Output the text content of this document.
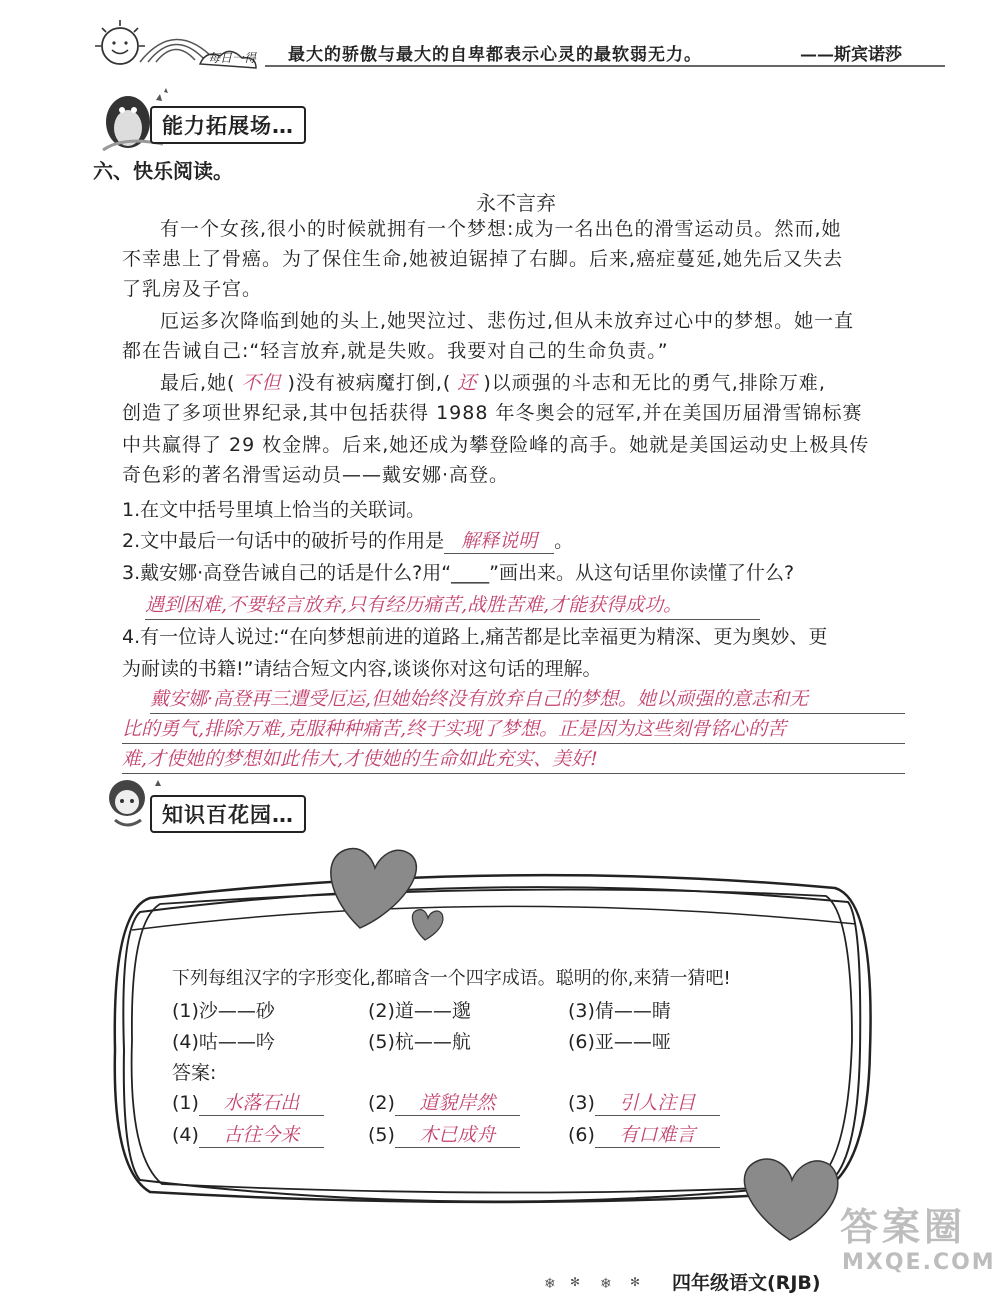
每日一得 最大的骄傲与最大的自卑都表示心灵的最软弱无力。	——斯宾诺莎
能力拓展场…
六、快乐阅读。
永不言弃
有一个女孩,很小的时候就拥有一个梦想:成为一名出色的滑雪运动员。然而,她
不幸患上了骨癌。为了保住生命,她被迫锯掉了右脚。后来,癌症蔓延,她先后又失去
了乳房及子宫。
厄运多次降临到她的头上,她哭泣过、悲伤过,但从未放弃过心中的梦想。她一直
都在告诫自己:“轻言放弃,就是失败。我要对自己的生命负责。”
最后,她( 不但 )没有被病魔打倒,( 还 )以顽强的斗志和无比的勇气,排除万难,
创造了多项世界纪录,其中包括获得 1988 年冬奥会的冠军,并在美国历届滑雪锦标赛
中共赢得了 29 枚金牌。后来,她还成为攀登险峰的高手。她就是美国运动史上极具传
奇色彩的著名滑雪运动员——戴安娜·高登。
1.在文中括号里填上恰当的关联词。
2.文中最后一句话中的破折号的作用是 解释说明 。
3.戴安娜·高登告诫自己的话是什么?用“____”画出来。从这句话里你读懂了什么?
遇到困难,不要轻言放弃,只有经历痛苦,战胜苦难,才能获得成功。
4.有一位诗人说过:“在向梦想前进的道路上,痛苦都是比幸福更为精深、更为奥妙、更
为耐读的书籍!”请结合短文内容,谈谈你对这句话的理解。
戴安娜·高登再三遭受厄运,但她始终没有放弃自己的梦想。她以顽强的意志和无
比的勇气,排除万难,克服种种痛苦,终于实现了梦想。正是因为这些刻骨铭心的苦
难,才使她的梦想如此伟大,才使她的生命如此充实、美好!
知识百花园…
下列每组汉字的字形变化,都暗含一个四字成语。聪明的你,来猜一猜吧!
(1)沙——砂	(2)道——邈	(3)倩——睛
(4)咕——吟	(5)杭——航	(6)亚——哑
答案:
(1) 水落石出	(2) 道貌岸然	(3) 引人注目
(4) 古往今来	(5) 木已成舟	(6) 有口难言
❄ ✻ ❄ ✻ 四年级语文(RJB)
答案圈
MXQE.COM
